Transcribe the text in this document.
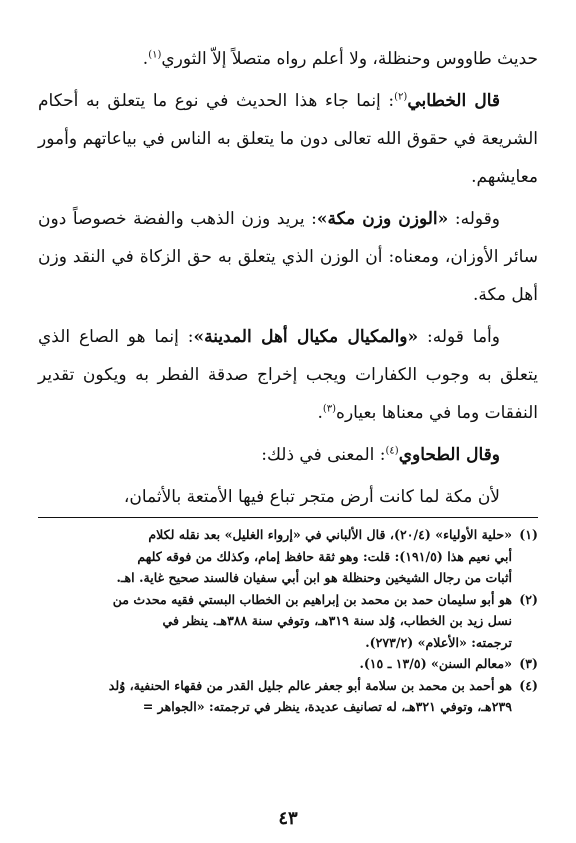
حديث طاووس وحنظلة، ولا أعلم رواه متصلاً إلاّ الثوري$^{(١)}$.

قال الخطابي$^{(٢)}$: إنما جاء هذا الحديث في نوع ما يتعلق به أحكام الشريعة في حقوق الله تعالى دون ما يتعلق به الناس في بياعاتهم وأمور معايشهم.

وقوله: «الوزن وزن مكة»: يريد وزن الذهب والفضة خصوصاً دون سائر الأوزان، ومعناه: أن الوزن الذي يتعلق به حق الزكاة في النقد وزن أهل مكة.

وأما قوله: «والمكيال مكيال أهل المدينة»: إنما هو الصاع الذي يتعلق به وجوب الكفارات ويجب إخراج صدقة الفطر به ويكون تقدير النفقات وما في معناها بعياره$^{(٣)}$.

وقال الطحاوي$^{(٤)}$: المعنى في ذلك:

لأن مكة لما كانت أرض متجر تباع فيها الأمتعة بالأثمان،

(١)
«حلية الأولياء» (٢٠/٤)، قال الألباني في «إرواء الغليل» بعد نقله لكلام
أبي نعيم هذا (١٩١/٥): قلت: وهو ثقة حافظ إمام، وكذلك من فوقه كلهم
أثبات من رجال الشيخين وحنظلة هو ابن أبي سفيان فالسند صحيح غاية. اهـ.
(٢)
هو أبو سليمان حمد بن محمد بن إبراهيم بن الخطاب البستي فقيه محدث من
نسل زيد بن الخطاب، وُلد سنة ٣١٩هـ، وتوفي سنة ٣٨٨هـ. ينظر في
ترجمته: «الأعلام» (٢٧٣/٢).
(٣)
«معالم السنن» (١٣/٥ ـ ١٥).
(٤)
هو أحمد بن محمد بن سلامة أبو جعفر عالم جليل القدر من فقهاء الحنفية، وُلد
٢٣٩هـ، وتوفي ٣٢١هـ، له تصانيف عديدة، ينظر في ترجمته: «الجواهر =
٤٣
